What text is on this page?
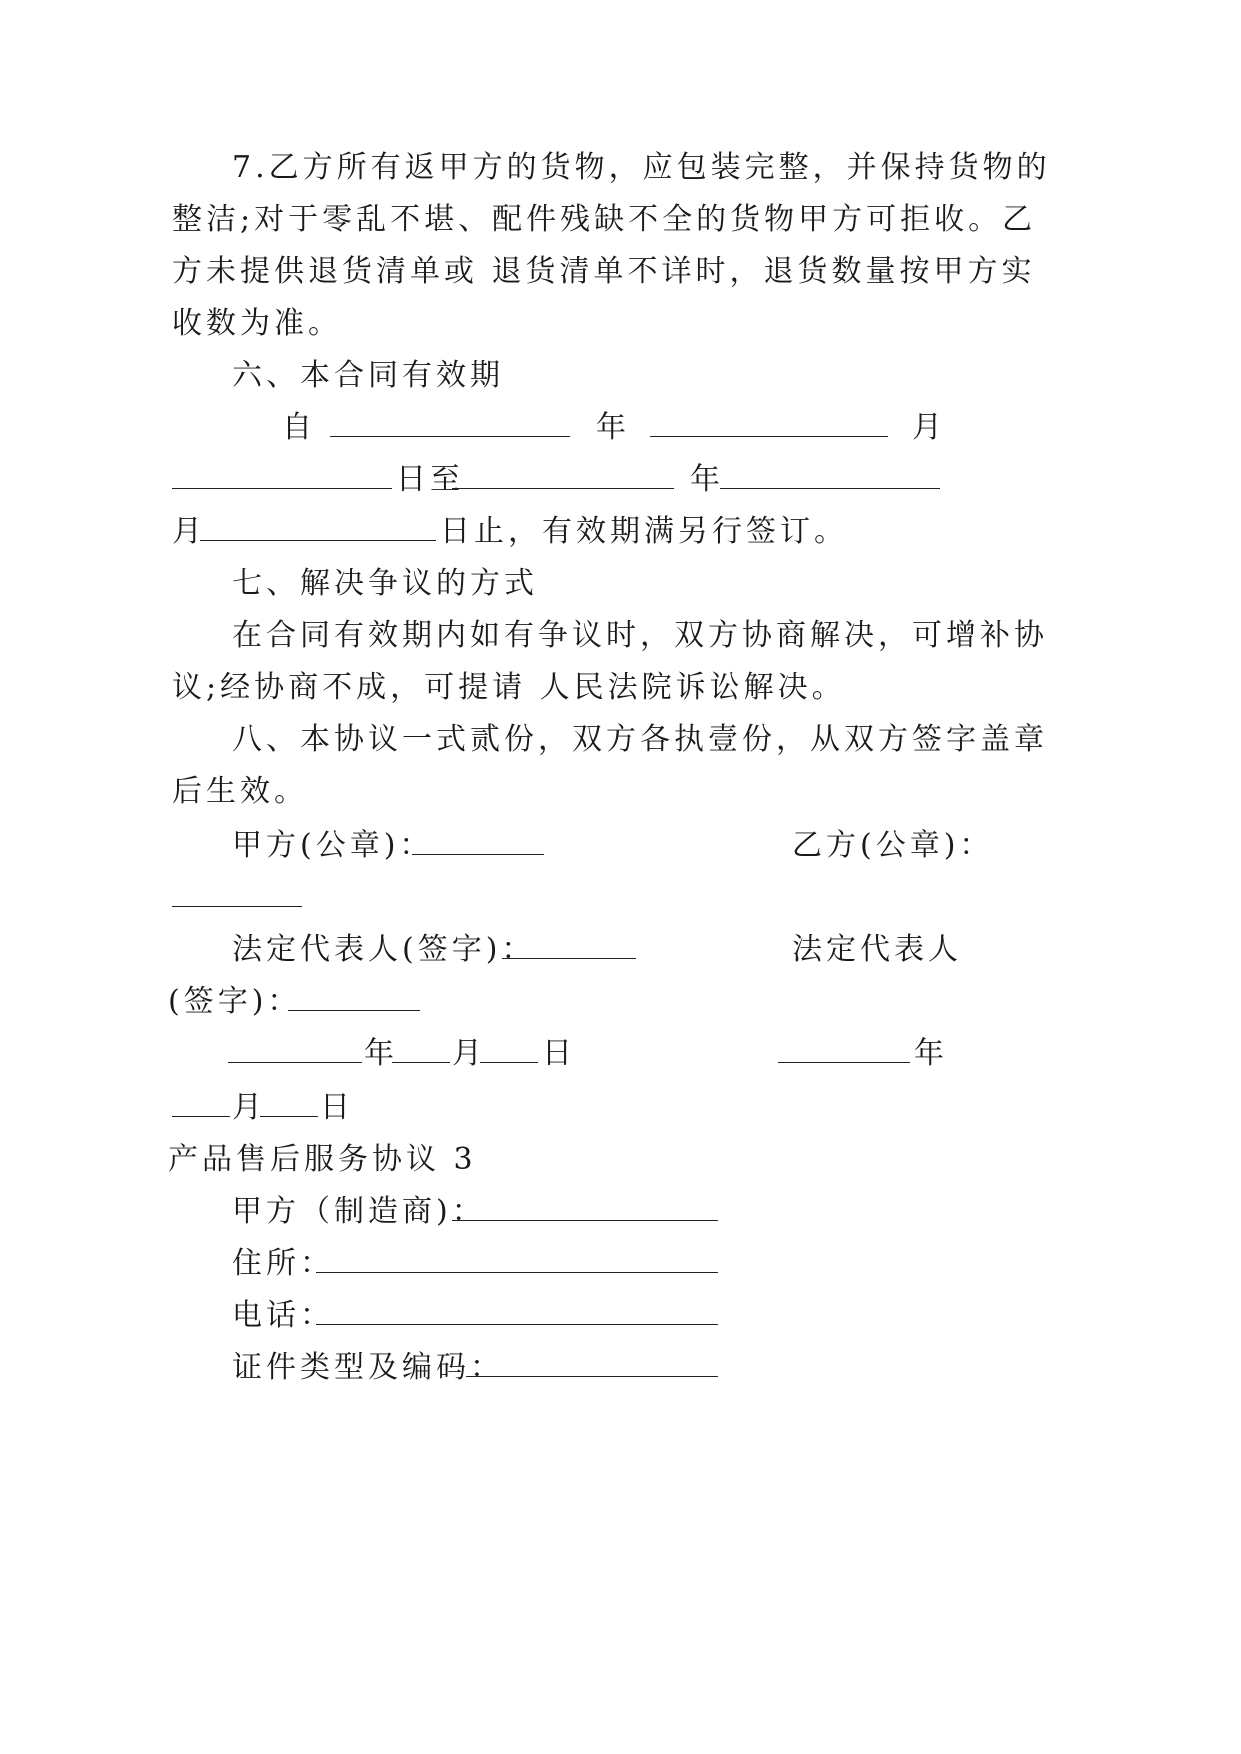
7.乙方所有返甲方的货物，应包装完整，并保持货物的
整洁;对于零乱不堪、配件残缺不全的货物甲方可拒收。乙
方未提供退货清单或 退货清单不详时，退货数量按甲方实
收数为准。
六、本合同有效期
自	年	月
日至	年
月	日止，有效期满另行签订。
七、解决争议的方式
在合同有效期内如有争议时，双方协商解决，可增补协
议;经协商不成，可提请 人民法院诉讼解决。
八、本协议一式贰份，双方各执壹份，从双方签字盖章
后生效。
甲方(公章)：	乙方(公章)：
法定代表人(签字)：	法定代表人
(签字)：
年 月 日	年
月 日
产品售后服务协议 3
甲方（制造商)：
住所：
电话：
证件类型及编码：
